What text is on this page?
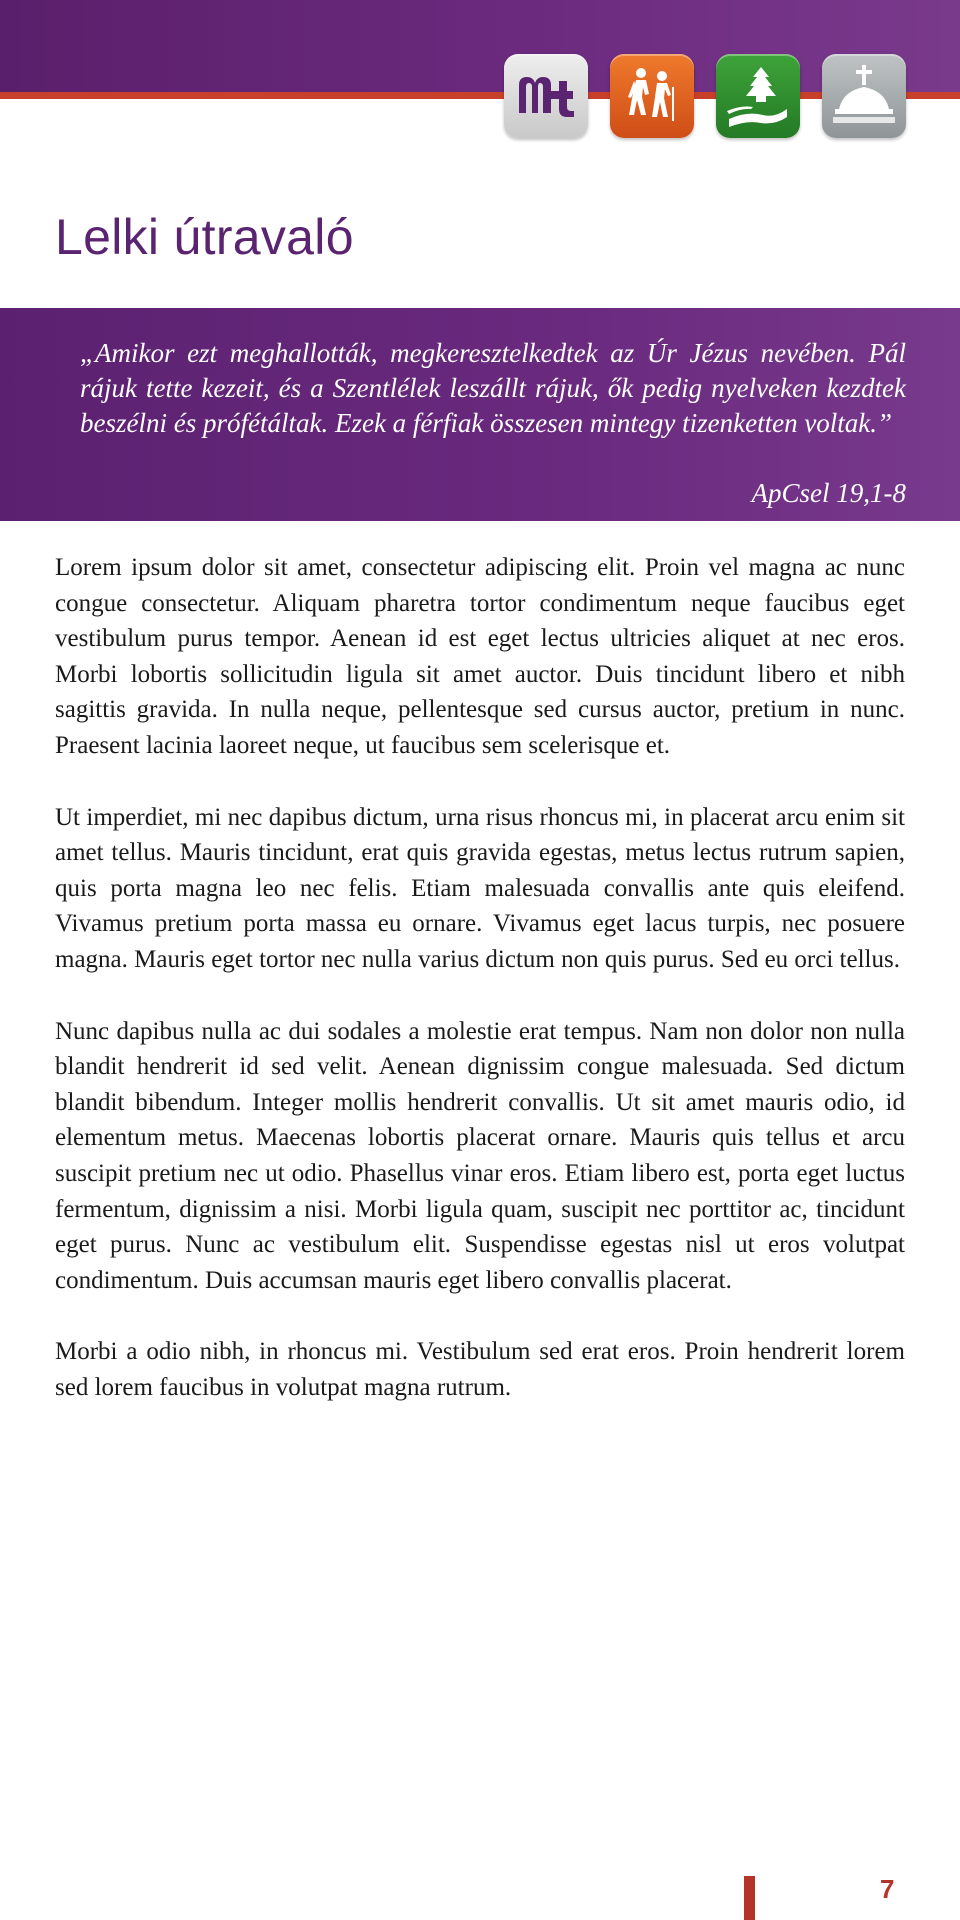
Lelki útravaló

„Amikor ezt meghallották, megkeresztelkedtek az Úr Jézus nevében. Pál rájuk tette kezeit, és a Szentlélek leszállt rájuk, ők pedig nyelveken kezdtek beszélni és prófétáltak. Ezek a férfiak összesen mintegy tizenketten voltak.”

ApCsel 19,1-8

Lorem ipsum dolor sit amet, consectetur adipiscing elit. Proin vel magna ac nunc congue consectetur. Aliquam pharetra tortor condimentum neque faucibus eget vestibulum purus tempor. Aenean id est eget lectus ultricies aliquet at nec eros. Morbi lobortis sollicitudin ligula sit amet auctor. Duis tincidunt libero et nibh sagittis gravida. In nulla neque, pellentesque sed cursus auctor, pretium in nunc. Praesent lacinia laoreet neque, ut faucibus sem scelerisque et.

Ut imperdiet, mi nec dapibus dictum, urna risus rhoncus mi, in placerat arcu enim sit amet tellus. Mauris tincidunt, erat quis gravida egestas, metus lectus rutrum sapien, quis porta magna leo nec felis. Etiam malesuada convallis ante quis eleifend. Vivamus pretium porta massa eu ornare. Vivamus eget lacus turpis, nec posuere magna. Mauris eget tortor nec nulla varius dictum non quis purus. Sed eu orci tellus.

Nunc dapibus nulla ac dui sodales a molestie erat tempus. Nam non dolor non nulla blandit hendrerit id sed velit. Aenean dignissim congue malesuada. Sed dictum blandit bibendum. Integer mollis hendrerit convallis. Ut sit amet mauris odio, id elementum metus. Maecenas lobortis placerat ornare. Mauris quis tellus et arcu suscipit pretium nec ut odio. Phasellus vinar eros. Etiam libero est, porta eget luctus fermentum, dignissim a nisi. Morbi ligula quam, suscipit nec porttitor ac, tincidunt eget purus. Nunc ac vestibulum elit. Suspendisse egestas nisl ut eros volutpat condimentum. Duis accumsan mauris eget libero convallis placerat.

Morbi a odio nibh, in rhoncus mi. Vestibulum sed erat eros. Proin hendrerit lorem sed lorem faucibus in volutpat magna rutrum.

7
